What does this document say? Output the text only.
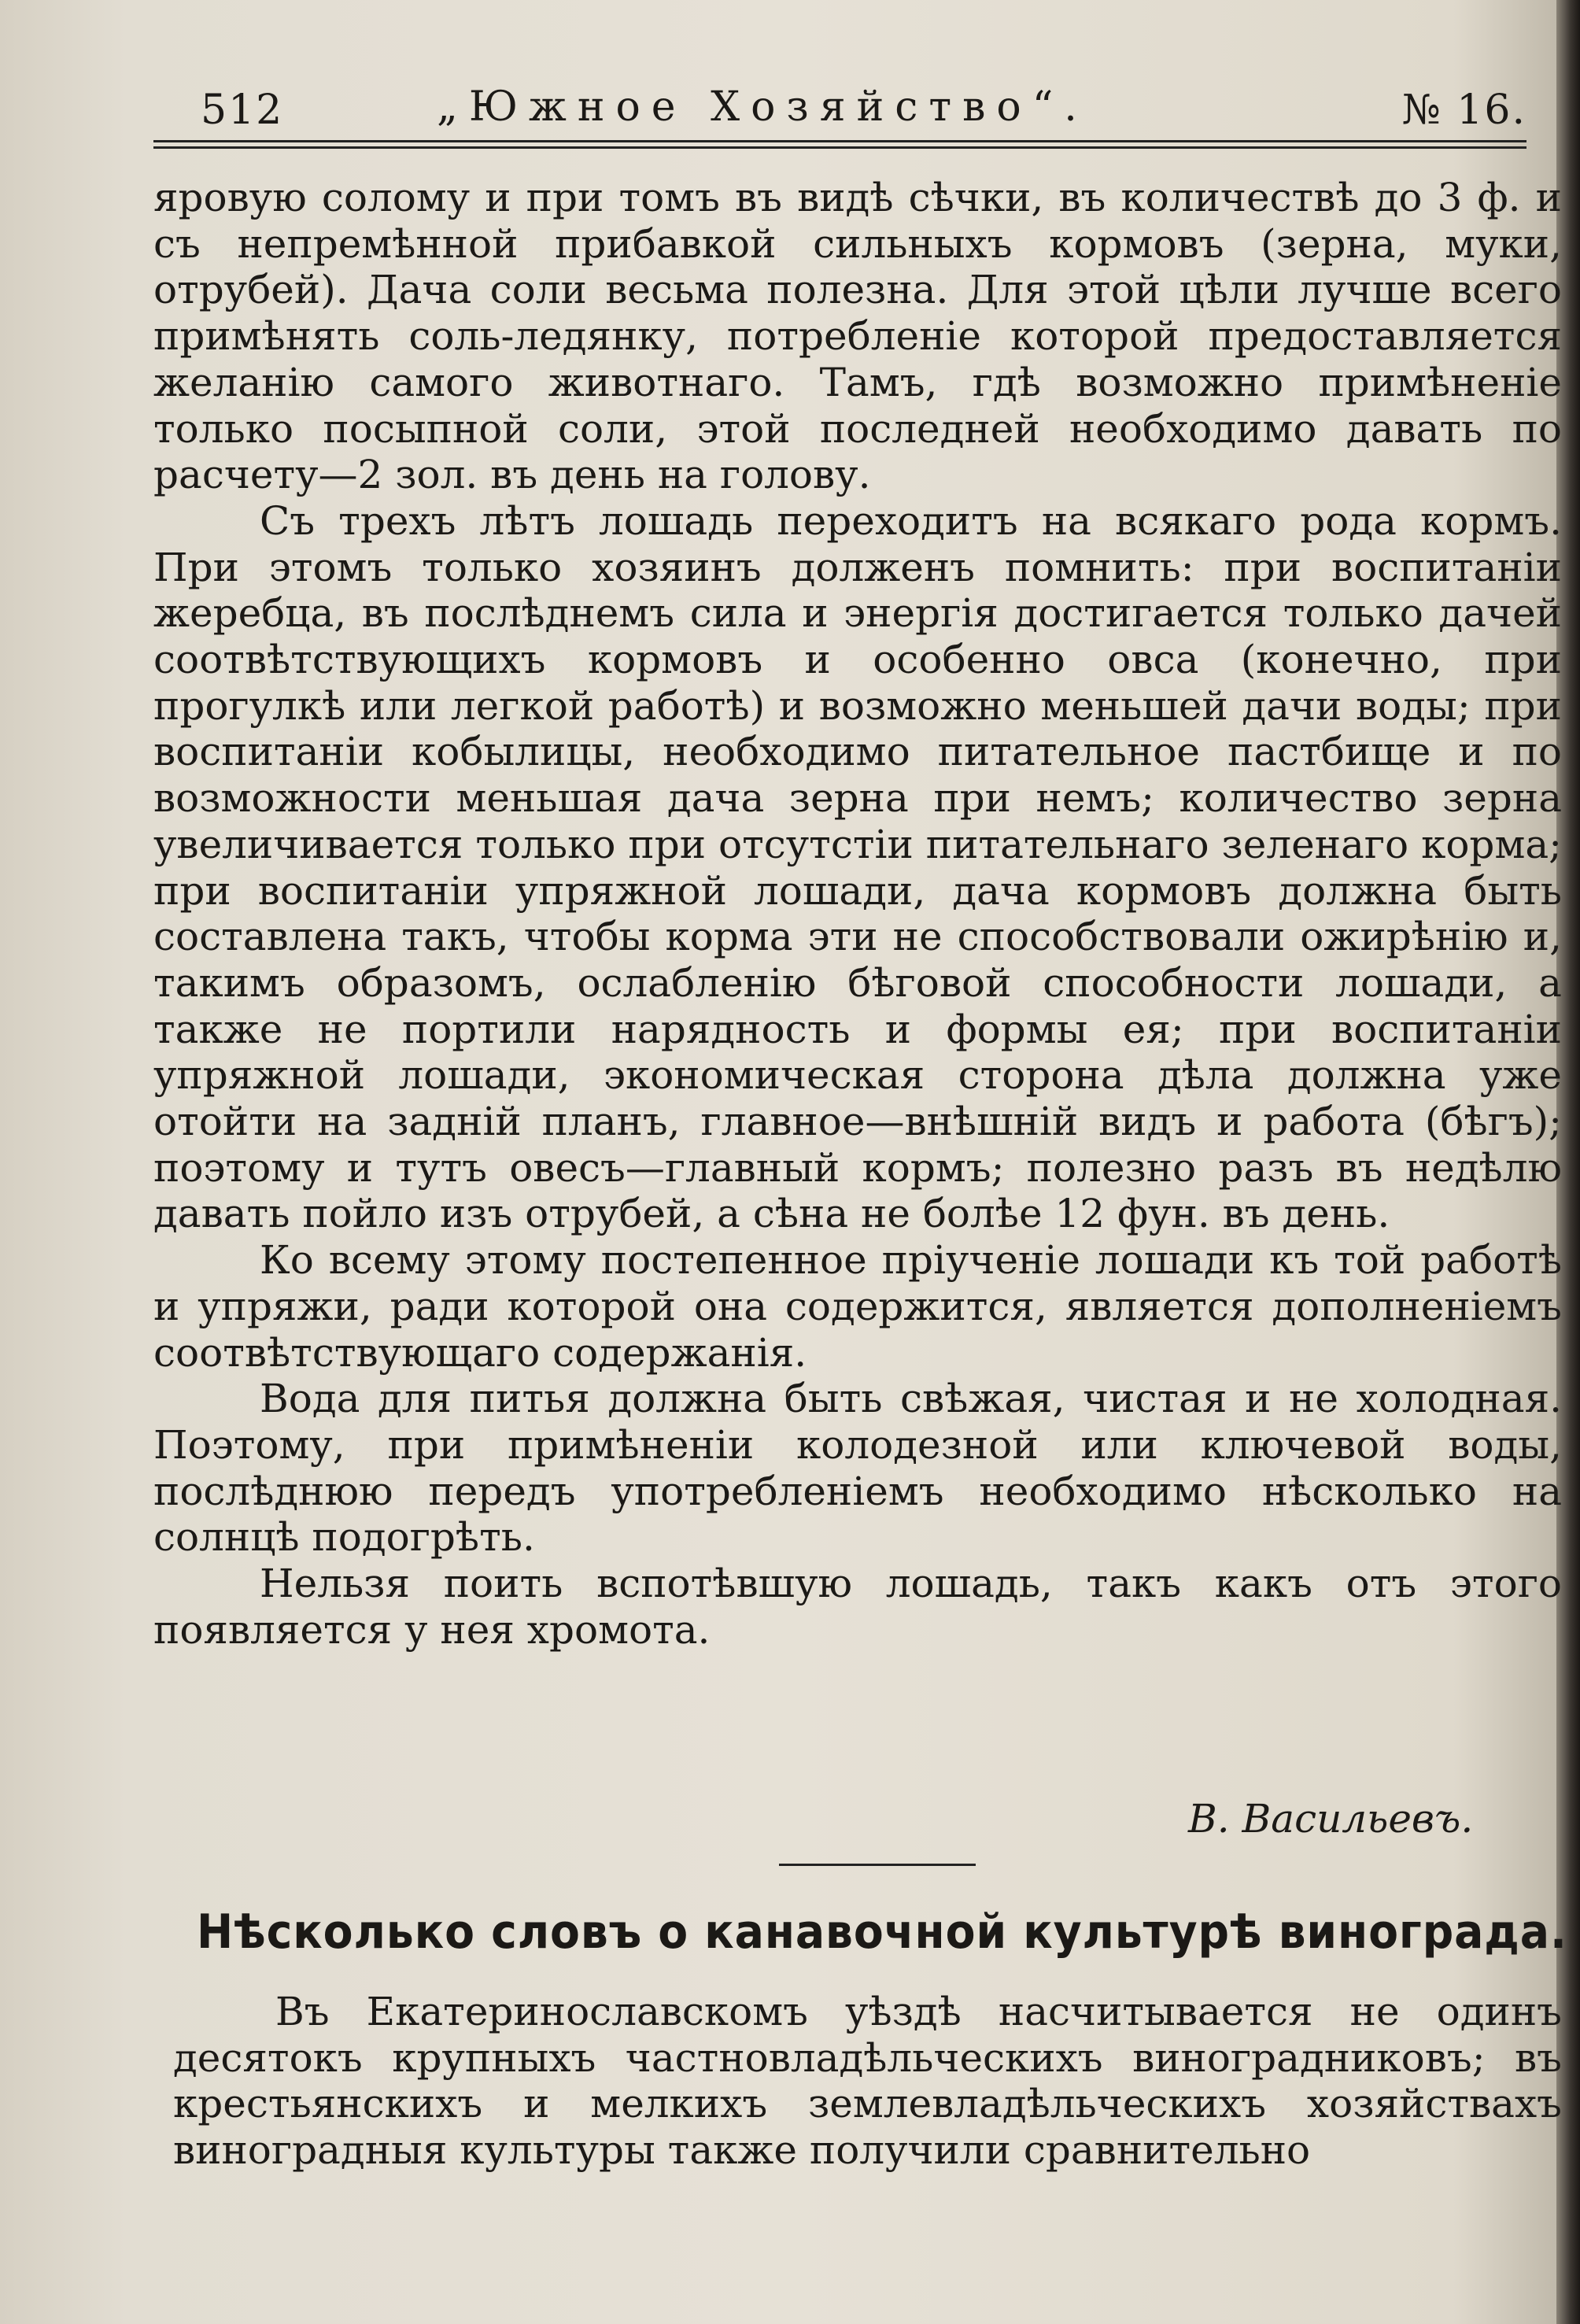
512	„Южное Хозяйство“.	№ 16.

яровую солому и при томъ въ видѣ сѣчки, въ количествѣ до 3 ф. и съ непремѣнной прибавкой сильныхъ кормовъ (зерна, муки, отрубей). Дача соли весьма полезна. Для этой цѣли лучше всего примѣнять соль-ледянку, потребленіе которой предоставляется желанію самого животнаго. Тамъ, гдѣ возможно примѣненіе только посыпной соли, этой последней необходимо давать по расчету—2 зол. въ день на голову.

Съ трехъ лѣтъ лошадь переходитъ на всякаго рода кормъ. При этомъ только хозяинъ долженъ помнить: при воспитаніи жеребца, въ послѣднемъ сила и энергія достигается только дачей соотвѣтствующихъ кормовъ и особенно овса (конечно, при прогулкѣ или легкой работѣ) и возможно меньшей дачи воды; при воспитаніи кобылицы, необходимо питательное пастбище и по возможности меньшая дача зерна при немъ; количество зерна увеличивается только при отсутстіи питательнаго зеленаго корма; при воспитаніи упряжной лошади, дача кормовъ должна быть составлена такъ, чтобы корма эти не способствовали ожирѣнію и, такимъ образомъ, ослабленію бѣговой способности лошади, а также не портили нарядность и формы ея; при воспитаніи упряжной лошади, экономическая сторона дѣла должна уже отойти на задній планъ, главное—внѣшній видъ и работа (бѣгъ); поэтому и тутъ овесъ—главный кормъ; полезно разъ въ недѣлю давать пойло изъ отрубей, а сѣна не болѣе 12 фун. въ день.

Ко всему этому постепенное пріученіе лошади къ той работѣ и упряжи, ради которой она содержится, является дополненіемъ соотвѣтствующаго содержанія.

Вода для питья должна быть свѣжая, чистая и не холодная. Поэтому, при примѣненіи колодезной или ключевой воды, послѣднюю передъ употребленіемъ необходимо нѣсколько на солнцѣ подогрѣть.

Нельзя поить вспотѣвшую лошадь, такъ какъ отъ этого появляется у нея хромота.

В. Васильевъ.
Нѣсколько словъ о канавочной культурѣ винограда.

Въ Екатеринославскомъ уѣздѣ насчитывается не одинъ десятокъ крупныхъ частновладѣльческихъ виноградниковъ; въ крестьянскихъ и мелкихъ землевладѣльческихъ хозяйствахъ виноградныя культуры также получили сравнительно
